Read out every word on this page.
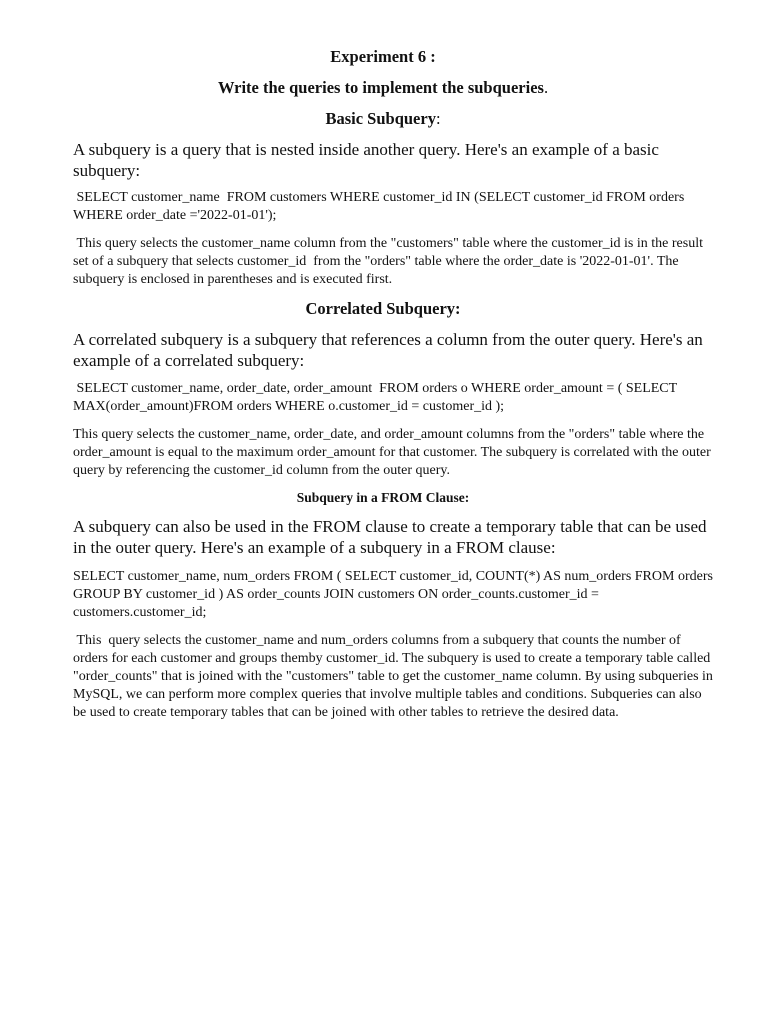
Experiment 6 :
Write the queries to implement the subqueries.
Basic Subquery:
A subquery is a query that is nested inside another query. Here's an example of a basic subquery:
SELECT customer_name  FROM customers WHERE customer_id IN (SELECT customer_id FROM orders WHERE order_date ='2022-01-01');
This query selects the customer_name column from the "customers" table where the customer_id is in the result set of a subquery that selects customer_id  from the "orders" table where the order_date is '2022-01-01'. The subquery is enclosed in parentheses and is executed first.
Correlated Subquery:
A correlated subquery is a subquery that references a column from the outer query. Here's an example of a correlated subquery:
SELECT customer_name, order_date, order_amount  FROM orders o WHERE order_amount = ( SELECT MAX(order_amount)FROM orders WHERE o.customer_id = customer_id );
This query selects the customer_name, order_date, and order_amount columns from the "orders" table where the order_amount is equal to the maximum order_amount for that customer. The subquery is correlated with the outer query by referencing the customer_id column from the outer query.
Subquery in a FROM Clause:
A subquery can also be used in the FROM clause to create a temporary table that can be used in the outer query. Here's an example of a subquery in a FROM clause:
SELECT customer_name, num_orders FROM ( SELECT customer_id, COUNT(*) AS num_orders FROM orders GROUP BY customer_id ) AS order_counts JOIN customers ON order_counts.customer_id = customers.customer_id;
This  query selects the customer_name and num_orders columns from a subquery that counts the number of orders for each customer and groups themby customer_id. The subquery is used to create a temporary table called "order_counts" that is joined with the "customers" table to get the customer_name column. By using subqueries in MySQL, we can perform more complex queries that involve multiple tables and conditions. Subqueries can also be used to create temporary tables that can be joined with other tables to retrieve the desired data.
